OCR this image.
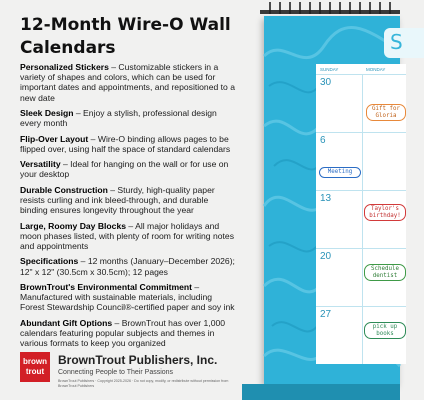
12-Month Wire-O Wall Calendars

Personalized Stickers – Customizable stickers in a variety of shapes and colors, which can be used for important dates and appointments, and repositioned to a new date

Sleek Design – Enjoy a stylish, professional design every month

Flip-Over Layout – Wire-O binding allows pages to be flipped over, using half the space of standard calendars

Versatility – Ideal for hanging on the wall or for use on your desktop

Durable Construction – Sturdy, high-quality paper resists curling and ink bleed-through, and durable binding ensures longevity throughout the year

Large, Roomy Day Blocks – All major holidays and moon phases listed, with plenty of room for writing notes and appointments

Specifications – 12 months (January–December 2026); 12" x 12" (30.5cm x 30.5cm); 12 pages

BrownTrout's Environmental Commitment – Manufactured with sustainable materials, including Forest Stewardship Council®-certified paper and soy ink

Abundant Gift Options – BrownTrout has over 1,000 calendars featuring popular subjects and themes in various formats to keep you organized

brown
trout
BrownTrout Publishers, Inc.
Connecting People to Their Passions
BrownTrout Publishers · Copyright 2025-2026 · Do not copy, modify, or redistribute without permission from BrownTrout Publishers
S
SUNDAY	MONDAY
30
6
13
20
27
Gift for
Gloria
Meeting
Taylor's
birthday!
Schedule
dentist
pick up
books
